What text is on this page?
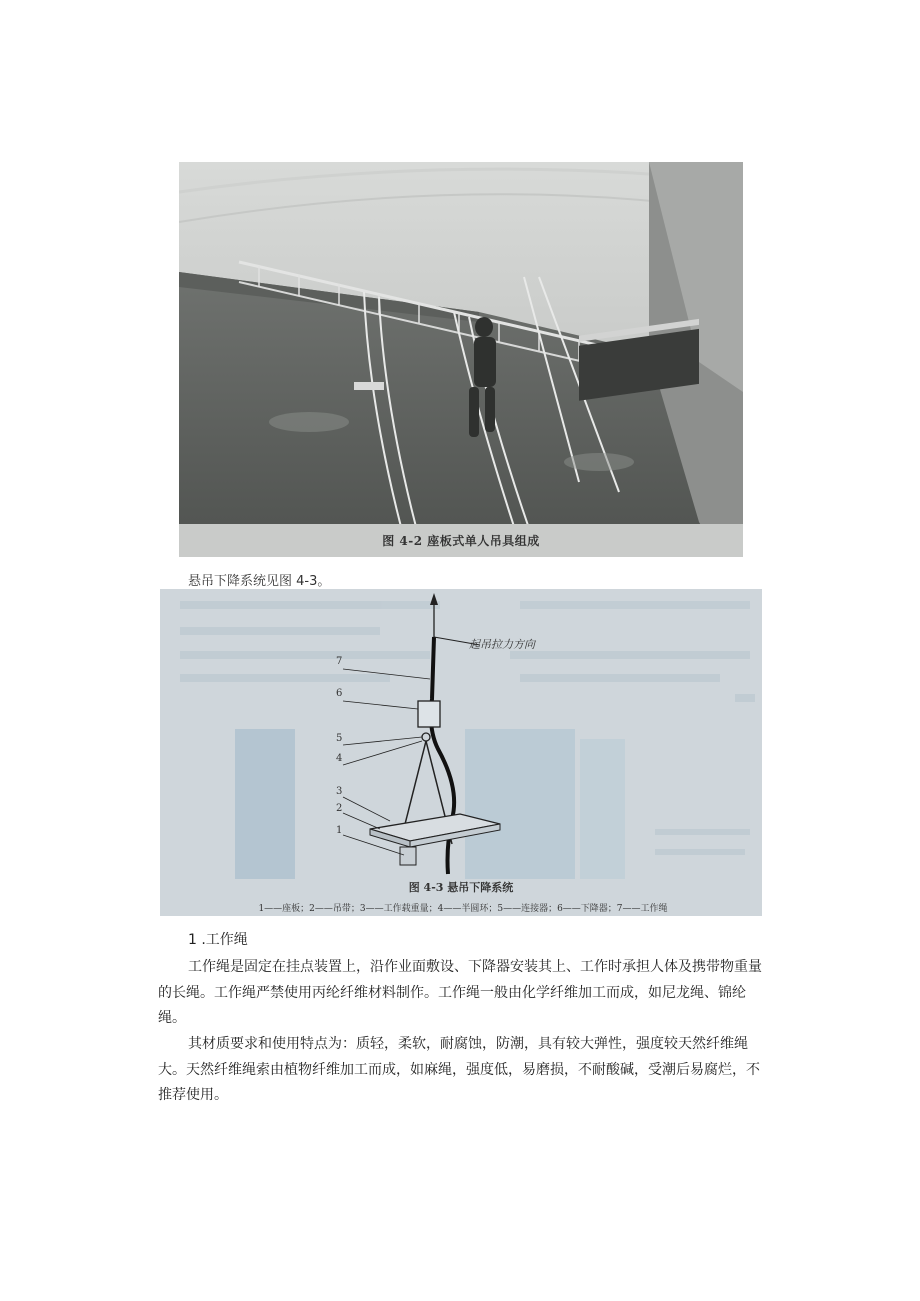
图 4-2 座板式单人吊具组成
悬吊下降系统见图 4-3。
起吊拉力方向
7
6
5
4
3
2
1
图 4-3 悬吊下降系统
1——座板；2——吊带；3——工作载重量；4——半圆环；5——连接器；6——下降器；7——工作绳
1 .工作绳

工作绳是固定在挂点装置上，沿作业面敷设、下降器安装其上、工作时承担人体及携带物重量的长绳。工作绳严禁使用丙纶纤维材料制作。工作绳一般由化学纤维加工而成，如尼龙绳、锦纶绳。

其材质要求和使用特点为：质轻，柔软，耐腐蚀，防潮，具有较大弹性，强度较天然纤维绳大。天然纤维绳索由植物纤维加工而成，如麻绳，强度低，易磨损，不耐酸碱，受潮后易腐烂，不推荐使用。
